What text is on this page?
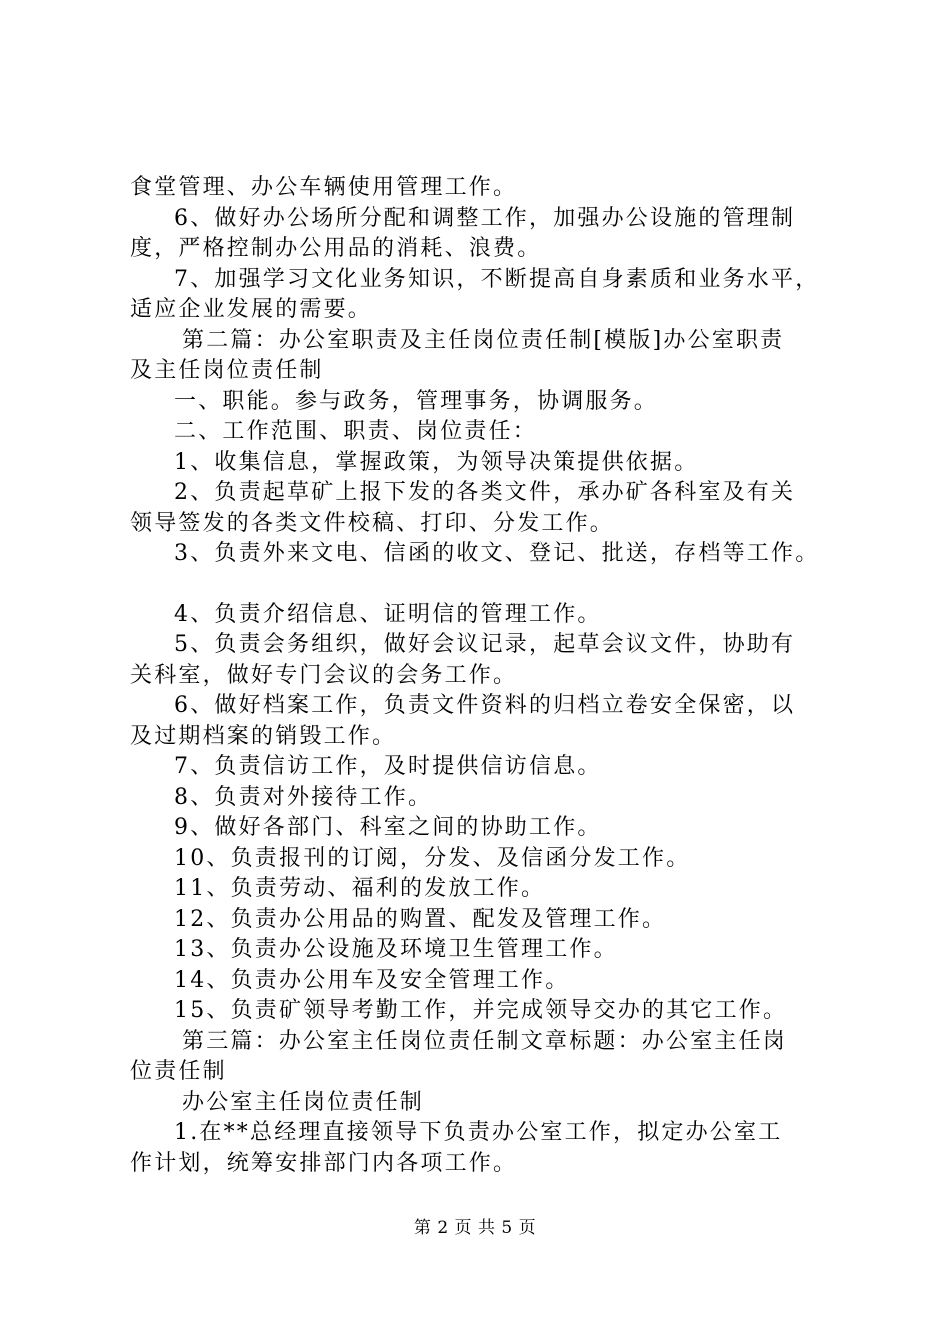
食堂管理、办公车辆使用管理工作。
6、做好办公场所分配和调整工作，加强办公设施的管理制
度，严格控制办公用品的消耗、浪费。
7、加强学习文化业务知识，不断提高自身素质和业务水平，
适应企业发展的需要。
第二篇：办公室职责及主任岗位责任制[模版]办公室职责
及主任岗位责任制
一、职能。参与政务，管理事务，协调服务。
二、工作范围、职责、岗位责任：
1、收集信息，掌握政策，为领导决策提供依据。
2、负责起草矿上报下发的各类文件，承办矿各科室及有关
领导签发的各类文件校稿、打印、分发工作。
3、负责外来文电、信函的收文、登记、批送，存档等工作。
4、负责介绍信息、证明信的管理工作。
5、负责会务组织，做好会议记录，起草会议文件，协助有
关科室，做好专门会议的会务工作。
6、做好档案工作，负责文件资料的归档立卷安全保密，以
及过期档案的销毁工作。
7、负责信访工作，及时提供信访信息。
8、负责对外接待工作。
9、做好各部门、科室之间的协助工作。
10、负责报刊的订阅，分发、及信函分发工作。
11、负责劳动、福利的发放工作。
12、负责办公用品的购置、配发及管理工作。
13、负责办公设施及环境卫生管理工作。
14、负责办公用车及安全管理工作。
15、负责矿领导考勤工作，并完成领导交办的其它工作。
第三篇：办公室主任岗位责任制文章标题：办公室主任岗
位责任制
办公室主任岗位责任制
1.在**总经理直接领导下负责办公室工作，拟定办公室工
作计划，统筹安排部门内各项工作。
第 2 页 共 5 页
